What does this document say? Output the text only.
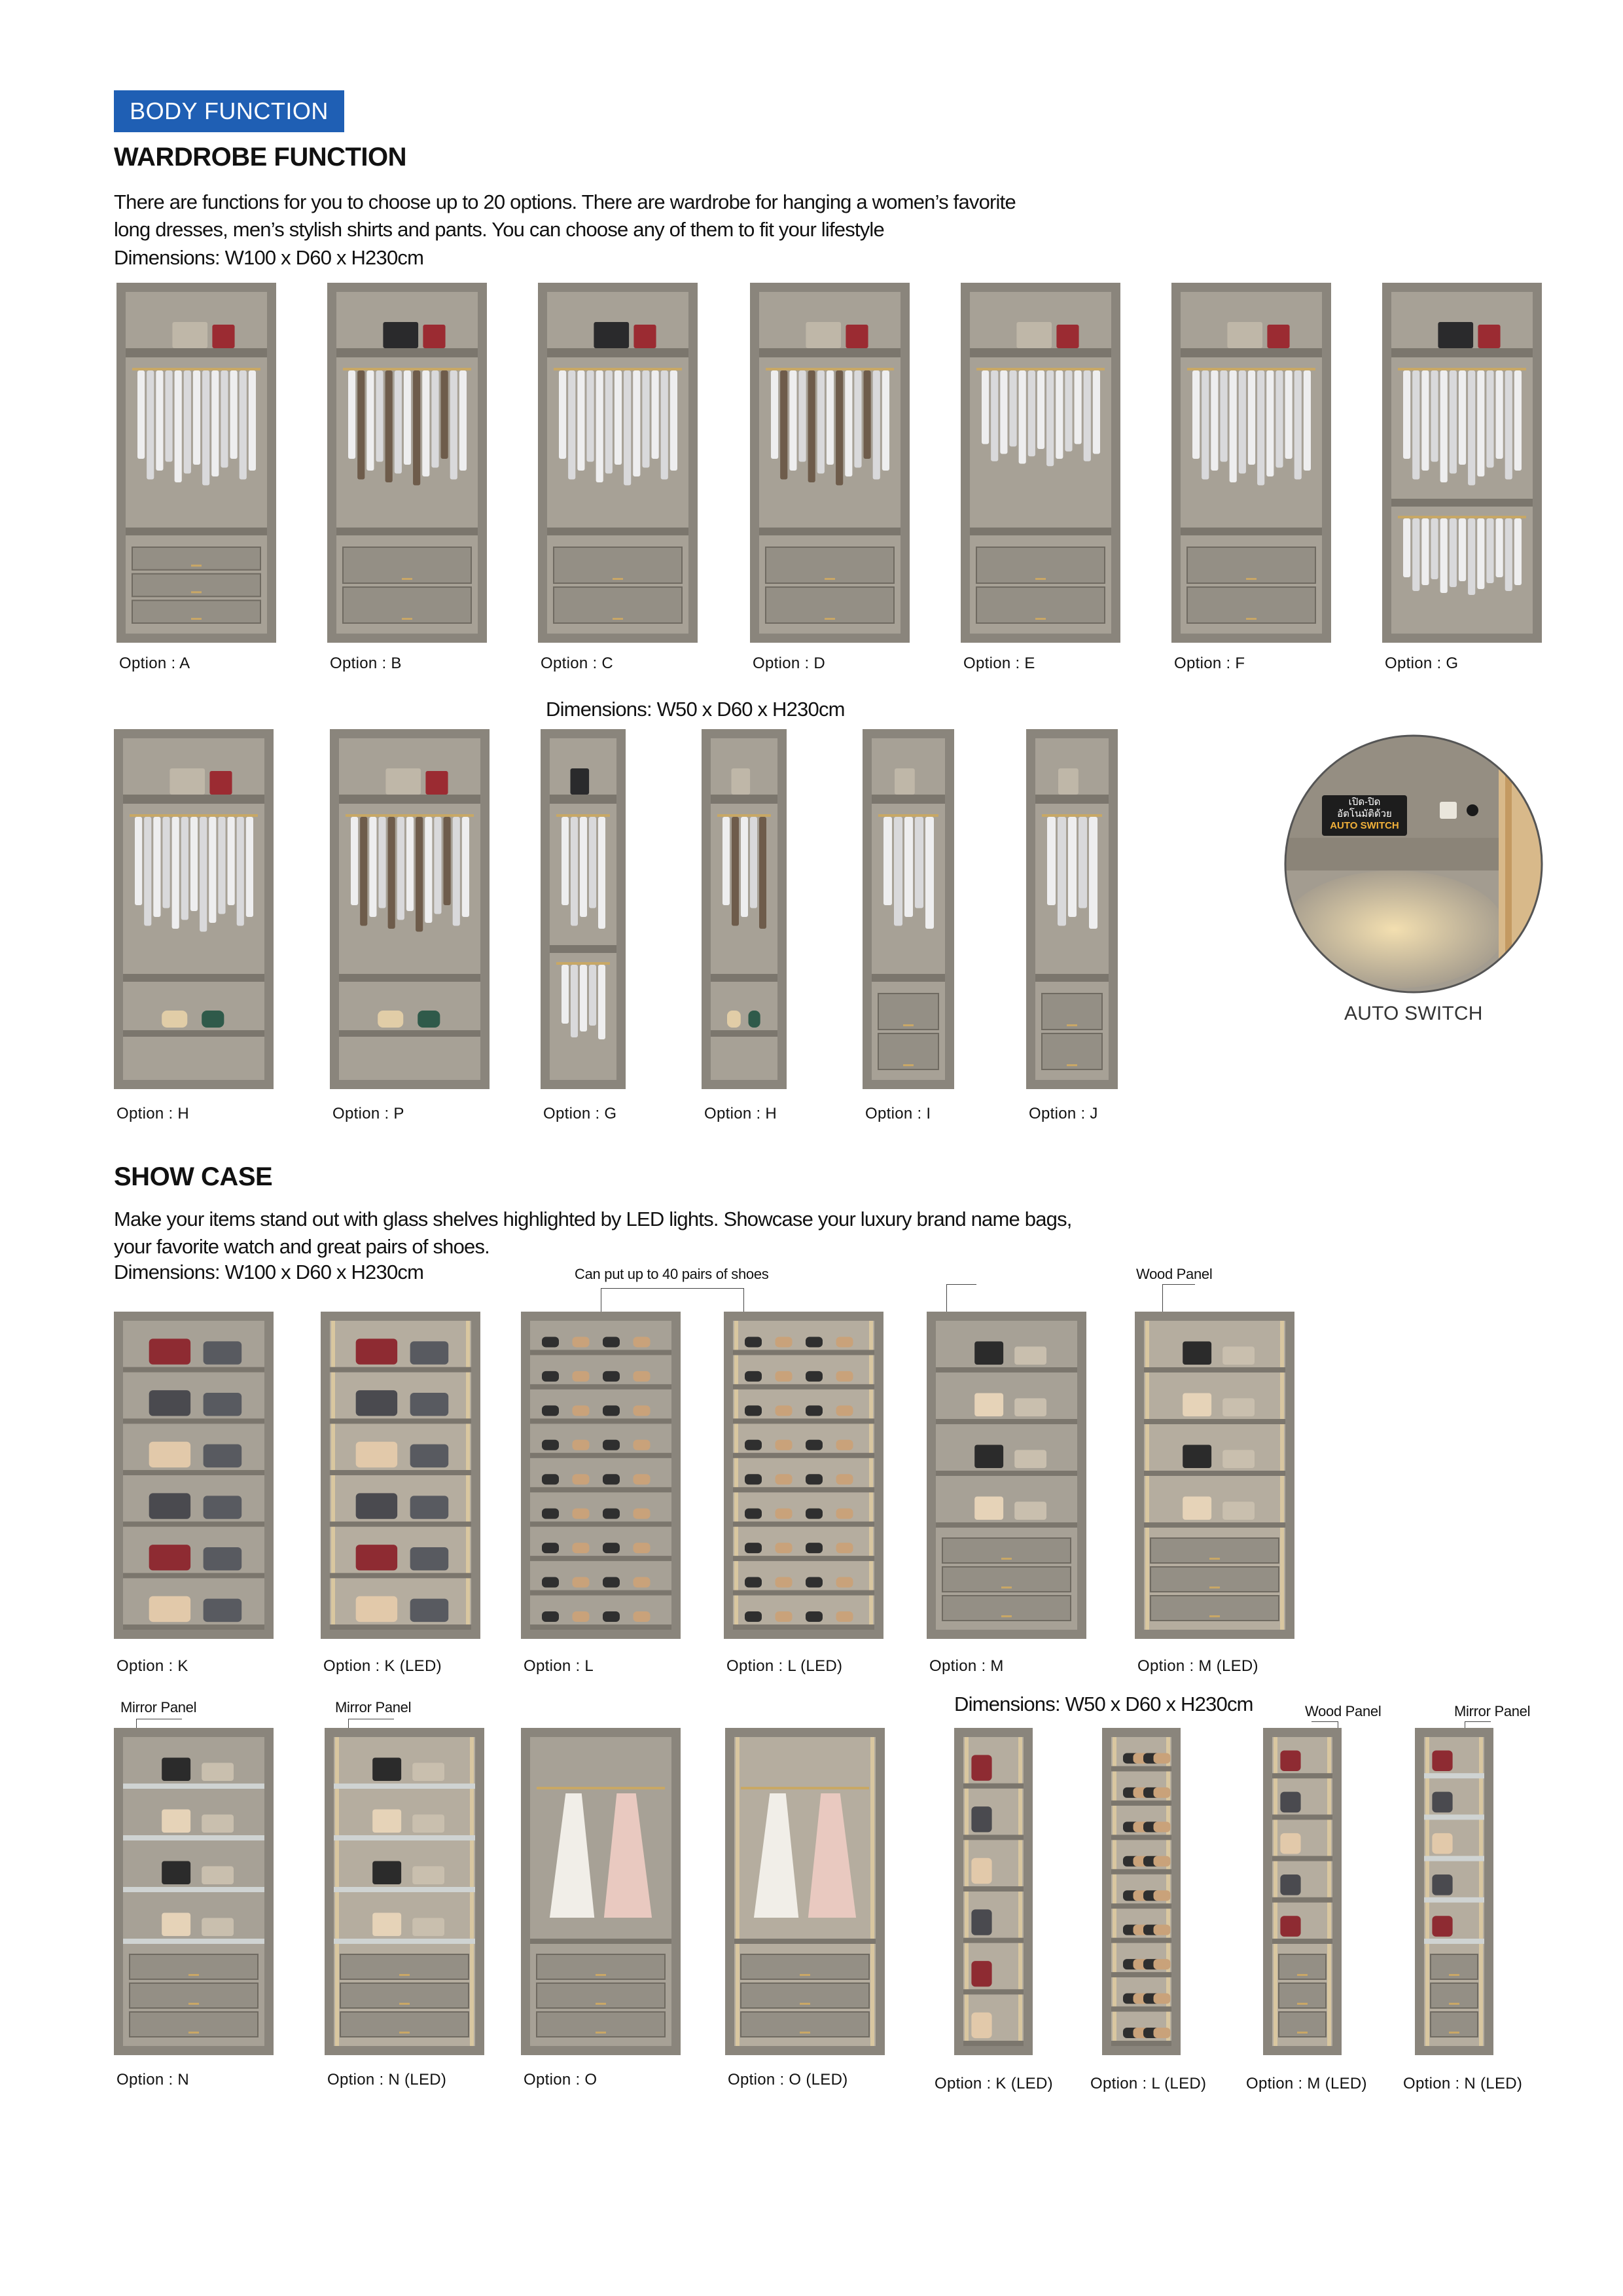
BODY FUNCTION
WARDROBE FUNCTION
There are functions for you to choose up to 20 options. There are wardrobe for hanging a women’s favorite
long dresses, men’s stylish shirts and pants. You can choose any of them to fit your lifestyle
Dimensions: W100 x D60 x H230cm
Option : A	Option : B	Option : C	Option : D	Option : E	Option : F	Option : G
Dimensions: W50 x D60 x H230cm
Option : H	Option : P	Option : G	Option : H	Option : I	Option : J
เปิด-ปิด
อัตโนมัติด้วย
AUTO SWITCH
AUTO SWITCH
SHOW CASE
Make your items stand out with glass shelves highlighted by LED lights. Showcase your luxury brand name bags,
your favorite watch and great pairs of shoes.
Dimensions: W100 x D60 x H230cm	Can put up to 40 pairs of shoes	Wood Panel
Option : K	Option : K (LED)	Option : L	Option : L (LED)	Option : M	Option : M (LED)
Mirror Panel	Mirror Panel	Dimensions: W50 x D60 x H230cm	Wood Panel	Mirror Panel
Option : N	Option : N (LED)	Option : O	Option : O (LED)	Option : K (LED) Option : L (LED)	Option : M (LED) Option : N (LED)
